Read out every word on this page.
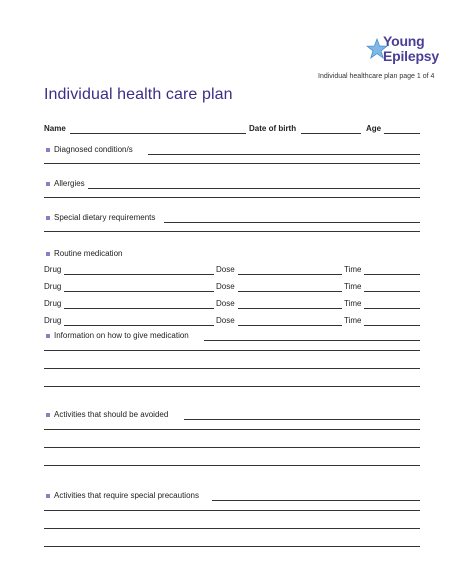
Young
Epilepsy
Individual healthcare plan page 1 of 4
Individual health care plan
Name	Date of birth	Age
Diagnosed condition/s
Allergies
Special dietary requirements
Routine medication
Drug	Dose	Time
Drug	Dose	Time
Drug	Dose	Time
Drug	Dose	Time
Information on how to give medication
Activities that should be avoided
Activities that require special precautions
